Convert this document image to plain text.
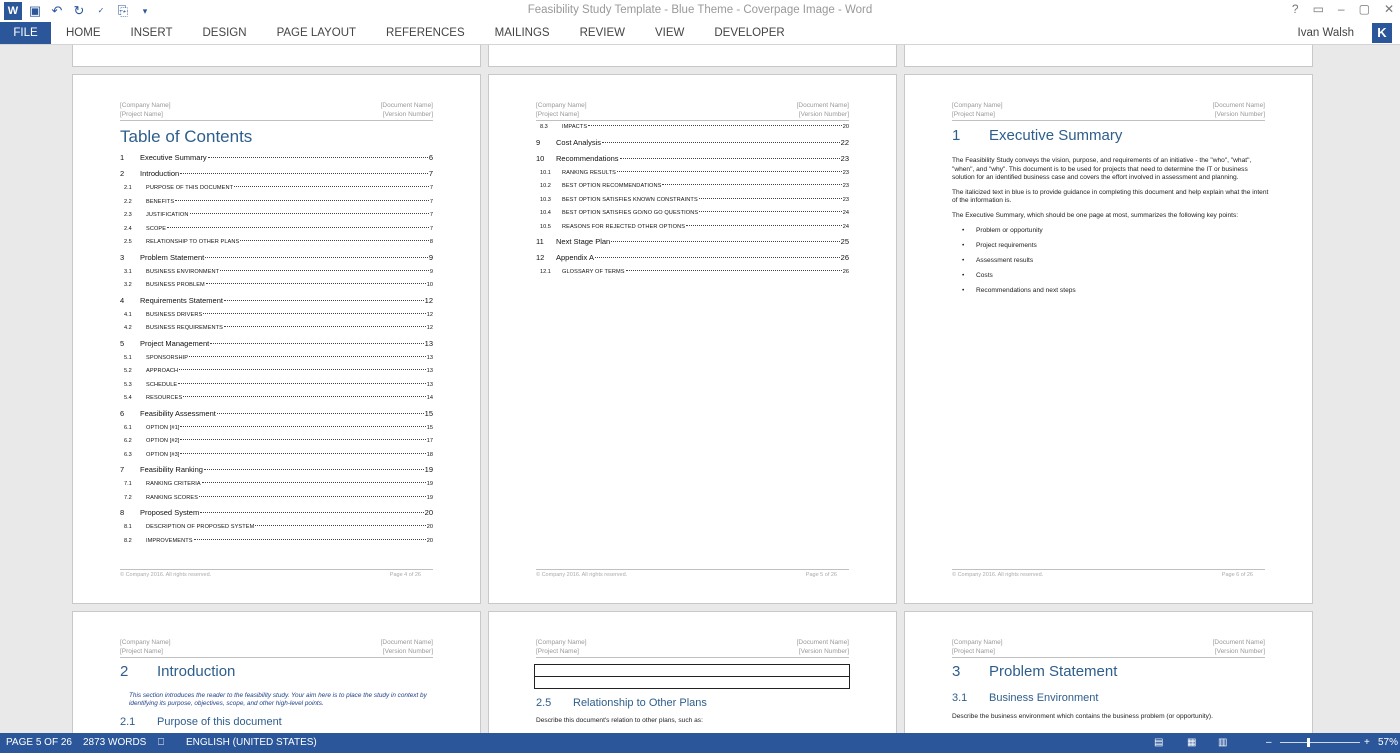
W ▣ ↶ ↻	✓	⎘	▾	Feasibility Study Template - Blue Theme - Coverpage Image - Word	? ▭ – ▢ ✕
FILE	HOME	INSERT	DESIGN	PAGE LAYOUT	REFERENCES	MAILINGS	REVIEW	VIEW	DEVELOPER	Ivan Walsh	K
[Company Name]
[Project Name]
[Document Name]
[Version Number]
Table of Contents
1	Executive Summary	6
2	Introduction	7
2.1	PURPOSE OF THIS DOCUMENT	7
2.2	BENEFITS	7
2.3	JUSTIFICATION	7
2.4	SCOPE	7
2.5	RELATIONSHIP TO OTHER PLANS	8
3	Problem Statement	9
3.1	BUSINESS ENVIRONMENT	9
3.2	BUSINESS PROBLEM	10
4	Requirements Statement	12
4.1	BUSINESS DRIVERS	12
4.2	BUSINESS REQUIREMENTS	12
5	Project Management	13
5.1	SPONSORSHIP	13
5.2	APPROACH	13
5.3	SCHEDULE	13
5.4	RESOURCES	14
6	Feasibility Assessment	15
6.1	OPTION [#1]	15
6.2	OPTION [#2]	17
6.3	OPTION [#3]	18
7	Feasibility Ranking	19
7.1	RANKING CRITERIA	19
7.2	RANKING SCORES	19
8	Proposed System	20
8.1	DESCRIPTION OF PROPOSED SYSTEM	20
8.2	IMPROVEMENTS	20
© Company 2016. All rights reserved.	Page 4 of 26
[Company Name]
[Project Name]
[Document Name]
[Version Number]
8.3	IMPACTS	20
9	Cost Analysis	22
10	Recommendations	23
10.1	RANKING RESULTS	23
10.2	BEST OPTION RECOMMENDATIONS	23
10.3	BEST OPTION SATISFIES KNOWN CONSTRAINTS	23
10.4	BEST OPTION SATISFIES GO/NO GO QUESTIONS	24
10.5	REASONS FOR REJECTED OTHER OPTIONS	24
11	Next Stage Plan	25
12	Appendix A	26
12.1	GLOSSARY OF TERMS	26
© Company 2016. All rights reserved.	Page 5 of 26
[Company Name]
[Project Name]
[Document Name]
[Version Number]
1	Executive Summary

The Feasibility Study conveys the vision, purpose, and requirements of an initiative - the "who", "what", "when", and "why". This document is to be used for projects that need to determine the IT or business solution for an identified business case and covers the effort involved in assessment and planning.

The italicized text in blue is to provide guidance in completing this document and help explain what the intent of the information is.

The Executive Summary, which should be one page at most, summarizes the following key points:

• Problem or opportunity
• Project requirements
• Assessment results
• Costs
• Recommendations and next steps
© Company 2016. All rights reserved.	Page 6 of 26
[Company Name]
[Project Name]
[Document Name]
[Version Number]
2	Introduction
This section introduces the reader to the feasibility study. Your aim here is to place the study in context by identifying its purpose, objectives, scope, and other high-level points.
2.1	Purpose of this document
[Company Name]
[Project Name]
[Document Name]
[Version Number]
2.5	Relationship to Other Plans
Describe this document's relation to other plans, such as:
[Company Name]
[Project Name]
[Document Name]
[Version Number]
3	Problem Statement
3.1	Business Environment
Describe the business environment which contains the business problem (or opportunity).
PAGE 5 OF 26 2873 WORDS ⎕ ENGLISH (UNITED STATES)	▤ ▦ ▥	–	+ 57%
